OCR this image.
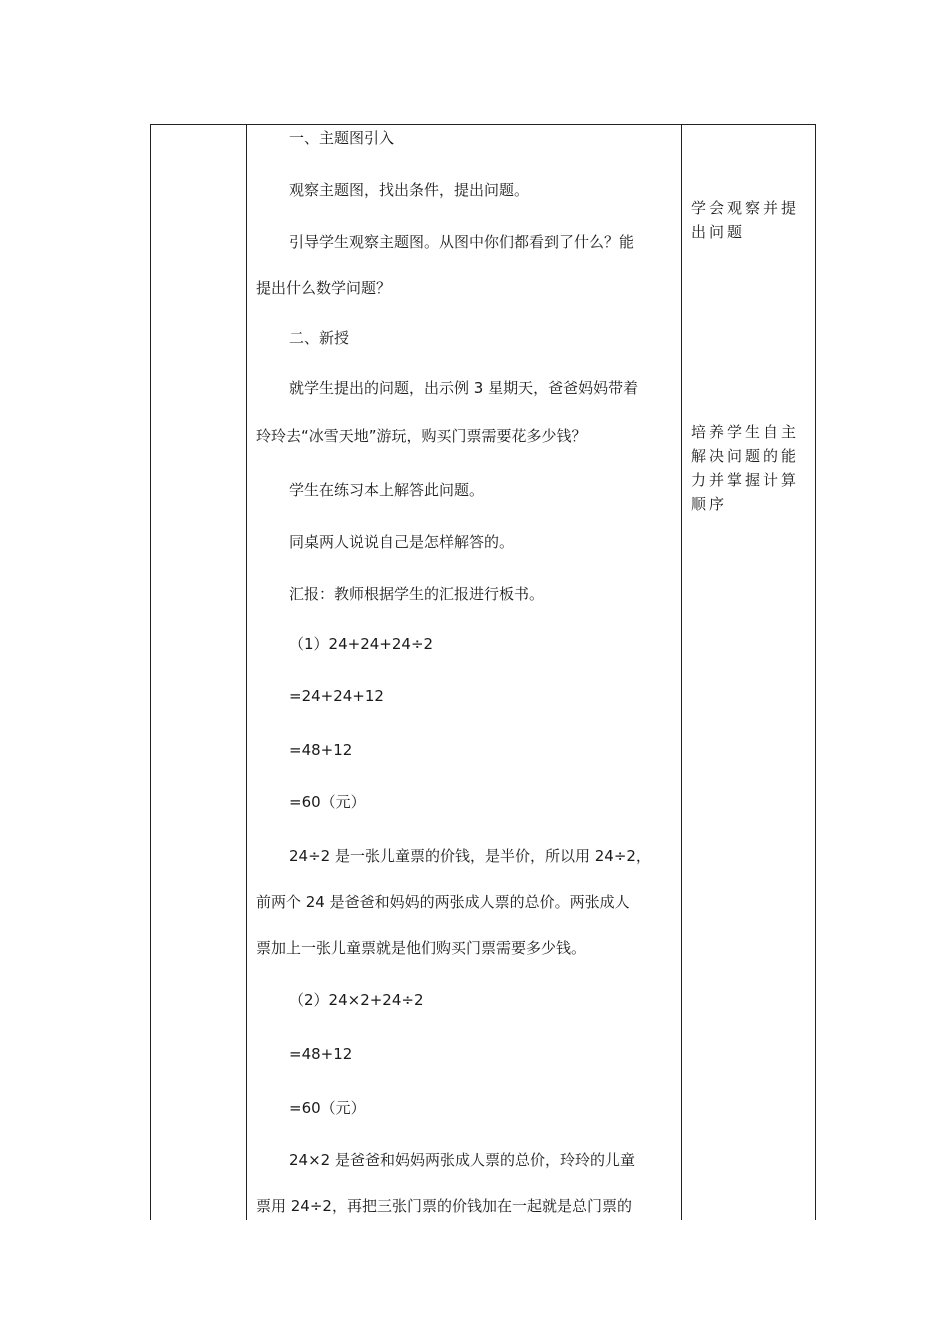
一、主题图引入
观察主题图，找出条件，提出问题。
引导学生观察主题图。从图中你们都看到了什么？能
提出什么数学问题？
二、新授
就学生提出的问题，出示例 3 星期天，爸爸妈妈带着
玲玲去“冰雪天地”游玩，购买门票需要花多少钱？
学生在练习本上解答此问题。
同桌两人说说自己是怎样解答的。
汇报：教师根据学生的汇报进行板书。
（1）24+24+24÷2
=24+24+12
=48+12
=60（元）
24÷2 是一张儿童票的价钱，是半价，所以用 24÷2，
前两个 24 是爸爸和妈妈的两张成人票的总价。两张成人
票加上一张儿童票就是他们购买门票需要多少钱。
（2）24×2+24÷2
=48+12
=60（元）
24×2 是爸爸和妈妈两张成人票的总价，玲玲的儿童
票用 24÷2，再把三张门票的价钱加在一起就是总门票的
学会观察并提出问题
培养学生自主解决问题的能力并掌握计算顺序
